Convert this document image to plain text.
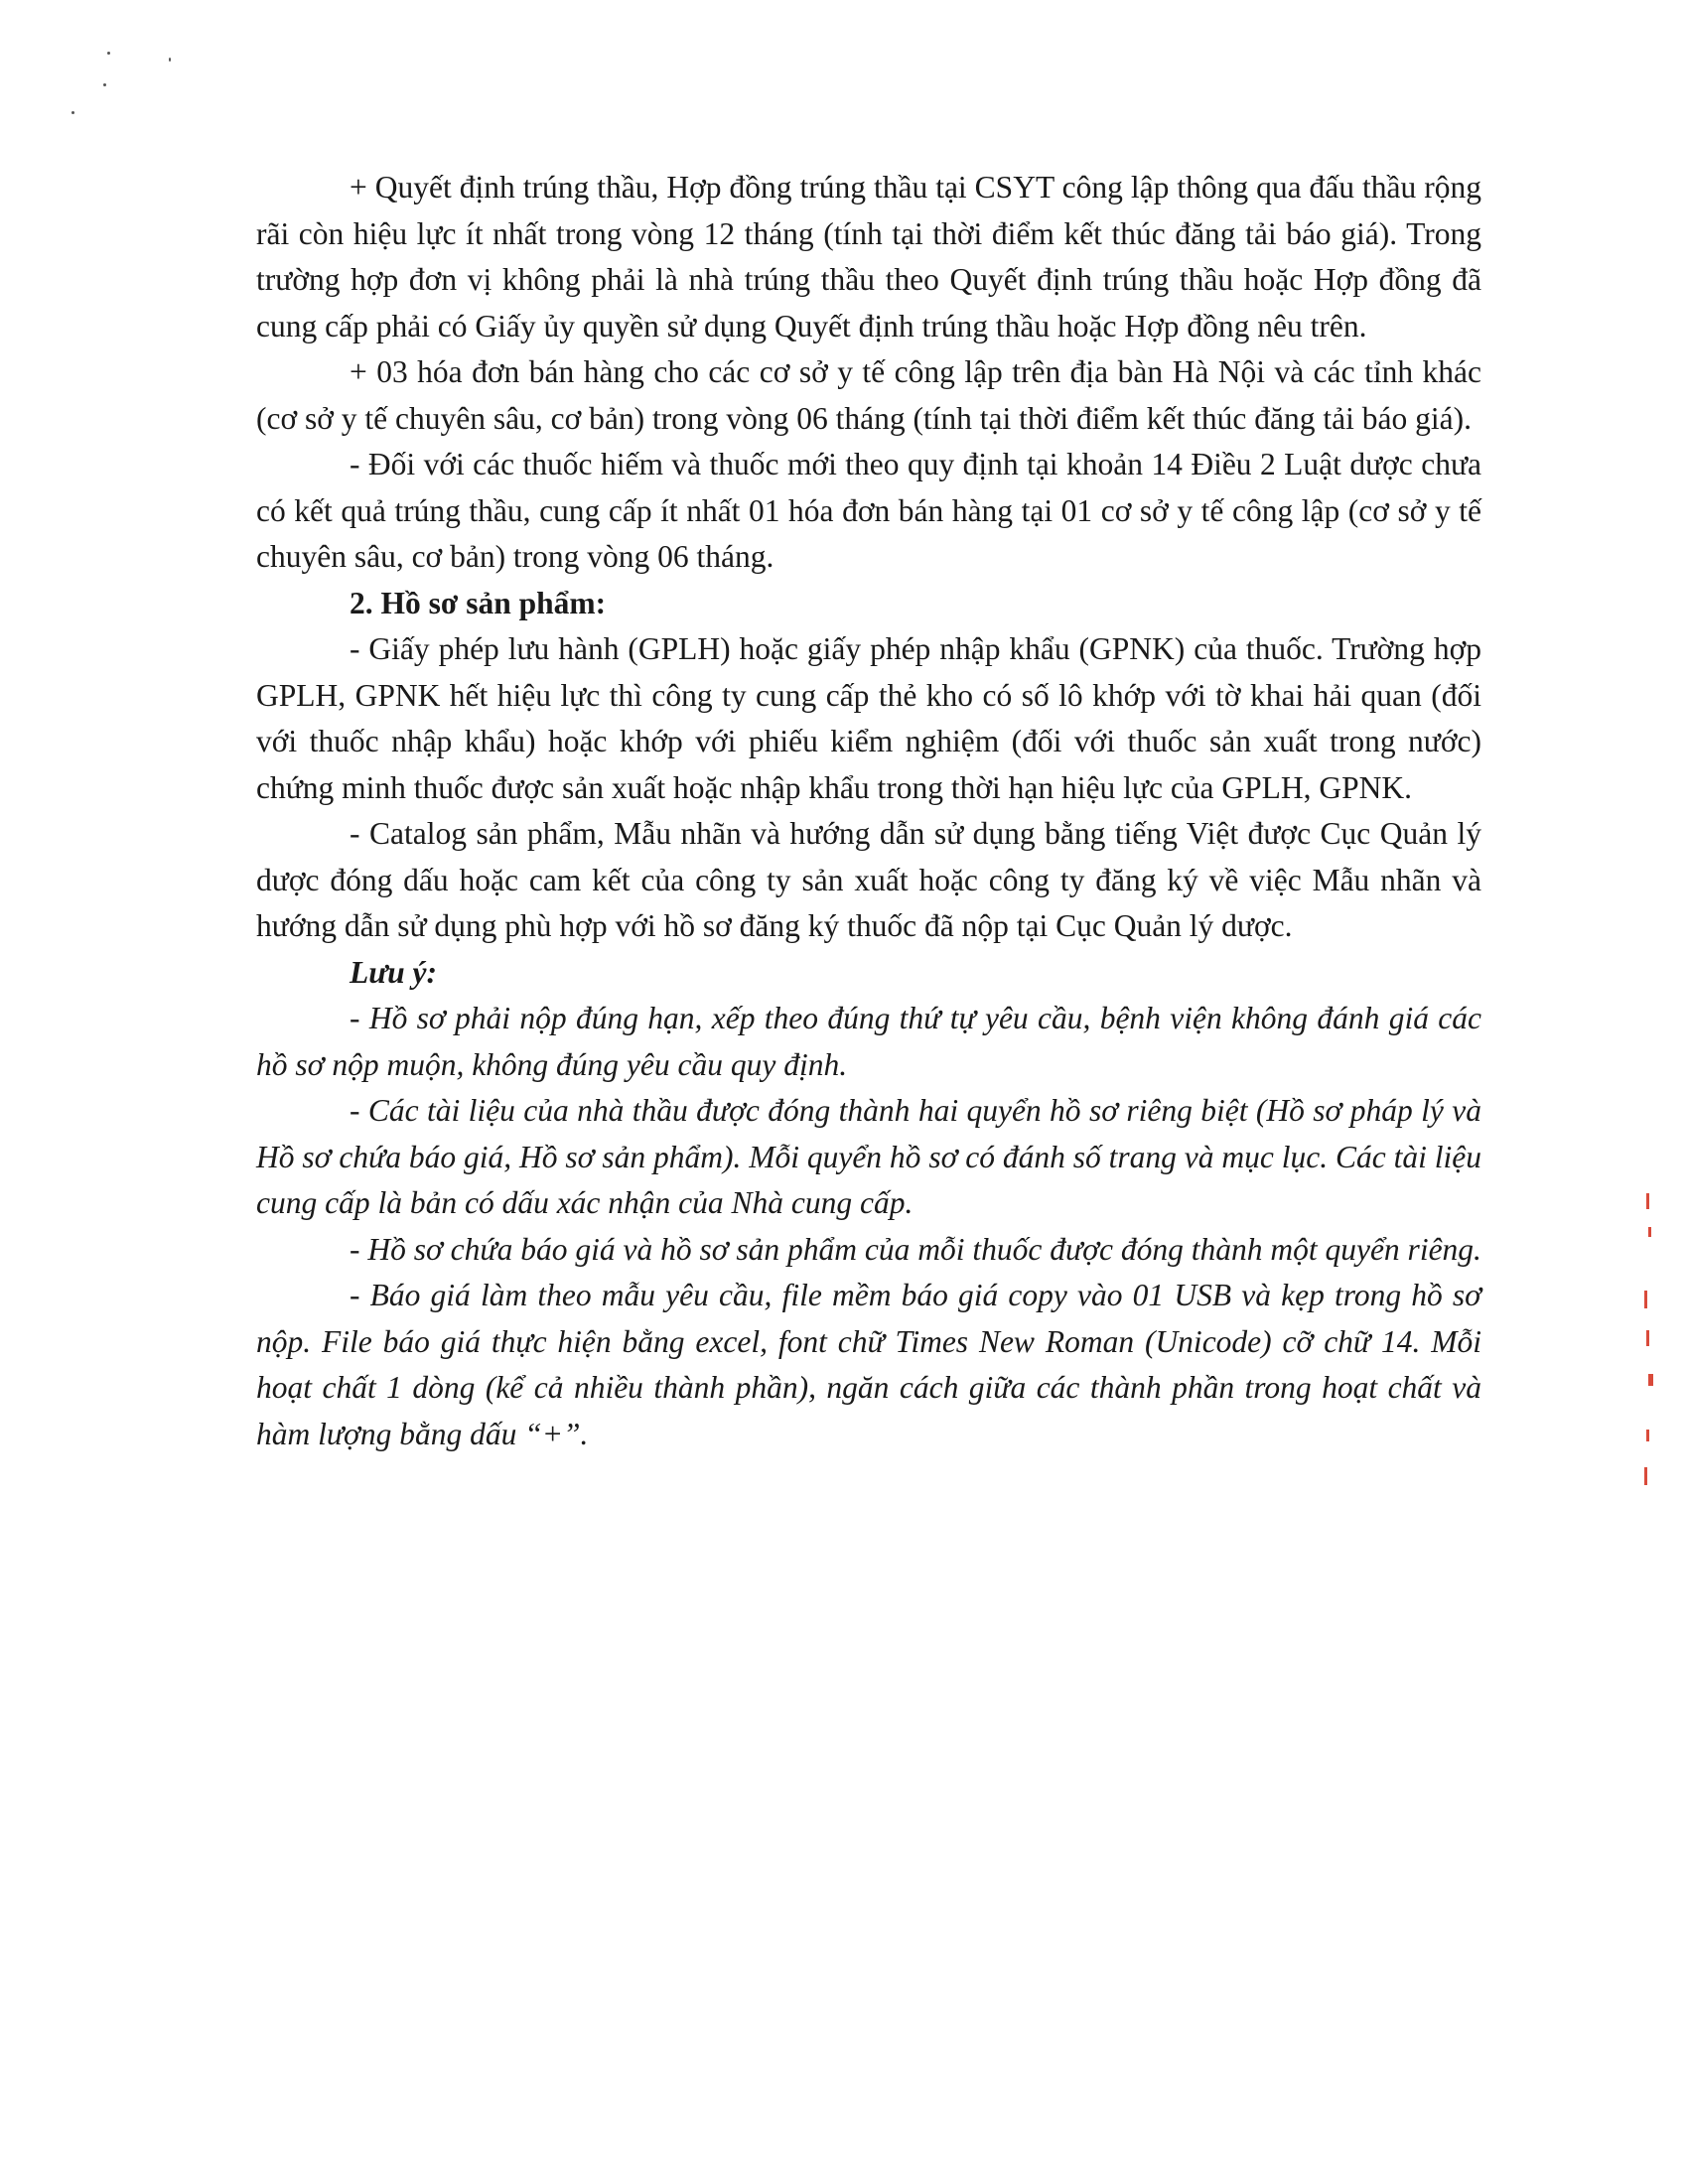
+ Quyết định trúng thầu, Hợp đồng trúng thầu tại CSYT công lập thông qua đấu thầu rộng rãi còn hiệu lực ít nhất trong vòng 12 tháng (tính tại thời điểm kết thúc đăng tải báo giá). Trong trường hợp đơn vị không phải là nhà trúng thầu theo Quyết định trúng thầu hoặc Hợp đồng đã cung cấp phải có Giấy ủy quyền sử dụng Quyết định trúng thầu hoặc Hợp đồng nêu trên.

+ 03 hóa đơn bán hàng cho các cơ sở y tế công lập trên địa bàn Hà Nội và các tỉnh khác (cơ sở y tế chuyên sâu, cơ bản) trong vòng 06 tháng (tính tại thời điểm kết thúc đăng tải báo giá).

- Đối với các thuốc hiếm và thuốc mới theo quy định tại khoản 14 Điều 2 Luật dược chưa có kết quả trúng thầu, cung cấp ít nhất 01 hóa đơn bán hàng tại 01 cơ sở y tế công lập (cơ sở y tế chuyên sâu, cơ bản) trong vòng 06 tháng.

2. Hồ sơ sản phẩm:

- Giấy phép lưu hành (GPLH) hoặc giấy phép nhập khẩu (GPNK) của thuốc. Trường hợp GPLH, GPNK hết hiệu lực thì công ty cung cấp thẻ kho có số lô khớp với tờ khai hải quan (đối với thuốc nhập khẩu) hoặc khớp với phiếu kiểm nghiệm (đối với thuốc sản xuất trong nước) chứng minh thuốc được sản xuất hoặc nhập khẩu trong thời hạn hiệu lực của GPLH, GPNK.

- Catalog sản phẩm, Mẫu nhãn và hướng dẫn sử dụng bằng tiếng Việt được Cục Quản lý dược đóng dấu hoặc cam kết của công ty sản xuất hoặc công ty đăng ký về việc Mẫu nhãn và hướng dẫn sử dụng phù hợp với hồ sơ đăng ký thuốc đã nộp tại Cục Quản lý dược.

Lưu ý:

- Hồ sơ phải nộp đúng hạn, xếp theo đúng thứ tự yêu cầu, bệnh viện không đánh giá các hồ sơ nộp muộn, không đúng yêu cầu quy định.

- Các tài liệu của nhà thầu được đóng thành hai quyển hồ sơ riêng biệt (Hồ sơ pháp lý và Hồ sơ chứa báo giá, Hồ sơ sản phẩm). Mỗi quyển hồ sơ có đánh số trang và mục lục. Các tài liệu cung cấp là bản có dấu xác nhận của Nhà cung cấp.

- Hồ sơ chứa báo giá và hồ sơ sản phẩm của mỗi thuốc được đóng thành một quyển riêng.

- Báo giá làm theo mẫu yêu cầu, file mềm báo giá copy vào 01 USB và kẹp trong hồ sơ nộp. File báo giá thực hiện bằng excel, font chữ Times New Roman (Unicode) cỡ chữ 14. Mỗi hoạt chất 1 dòng (kể cả nhiều thành phần), ngăn cách giữa các thành phần trong hoạt chất và hàm lượng bằng dấu “+”.
